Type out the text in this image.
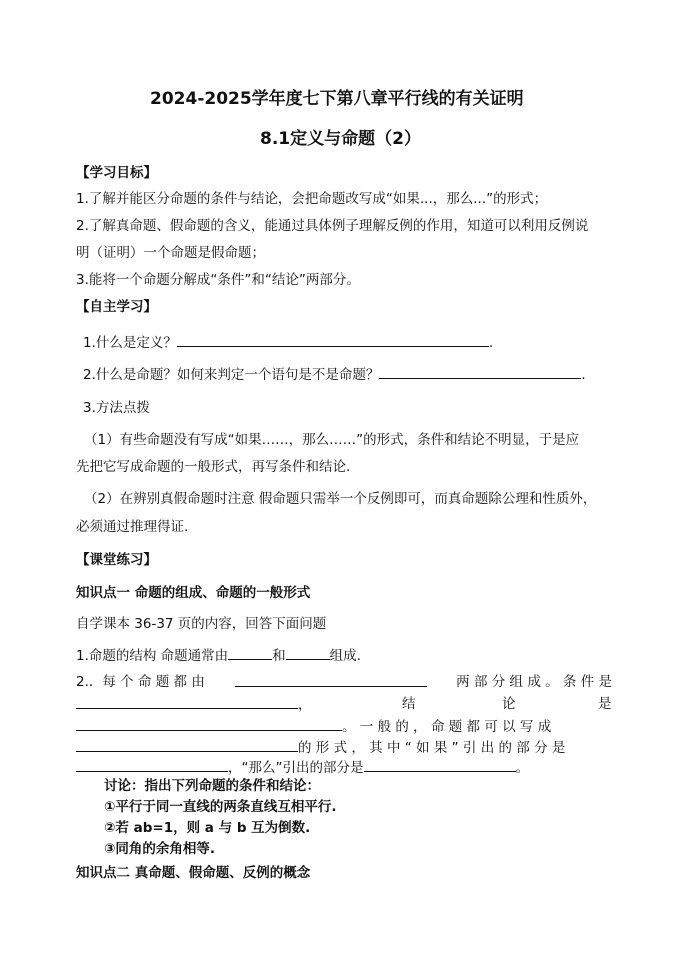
2024-2025学年度七下第八章平行线的有关证明
8.1定义与命题（2）
【学习目标】
1.了解并能区分命题的条件与结论，会把命题改写成“如果...，那么...”的形式；
2.了解真命题、假命题的含义，能通过具体例子理解反例的作用，知道可以利用反例说
明（证明）一个命题是假命题；
3.能将一个命题分解成“条件”和“结论”两部分。
【自主学习】
1.什么是定义？	.
2.什么是命题？如何来判定一个语句是不是命题？	.
3.方法点拨
（1）有些命题没有写成“如果……，那么……”的形式，条件和结论不明显，于是应
先把它写成命题的一般形式，再写条件和结论.
（2）在辨别真假命题时注意 假命题只需举一个反例即可，而真命题除公理和性质外，
必须通过推理得证.
【课堂练习】
知识点一 命题的组成、命题的一般形式
自学课本 36-37 页的内容，回答下面问题
1.命题的结构 命题通常由	和	组成.
2.．每 个 命 题 都 由	两 部 分 组 成 。 条 件 是
，	结	论	是
。 一 般 的 ， 命 题 都 可 以 写 成
的 形 式 ， 其 中 “ 如 果 ” 引 出 的 部 分 是
，“那么”引出的部分是	。
讨论：指出下列命题的条件和结论：
①平行于同一直线的两条直线互相平行.
②若 ab=1，则 a 与 b 互为倒数.
③同角的余角相等.
知识点二 真命题、假命题、反例的概念
